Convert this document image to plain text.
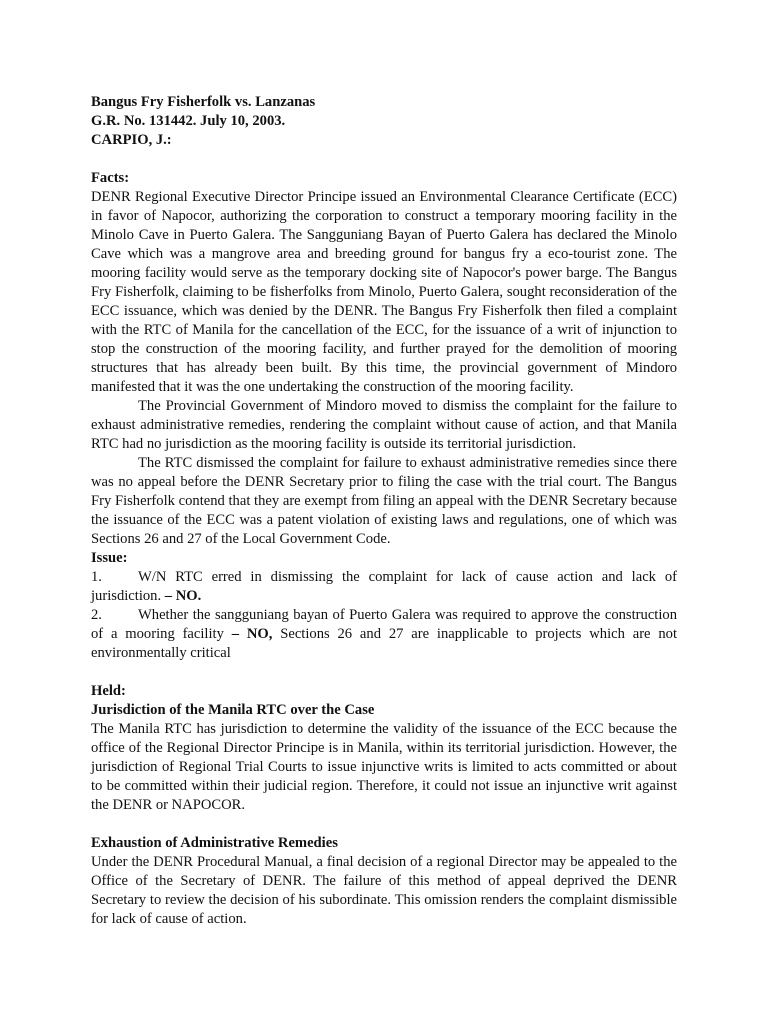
Bangus Fry Fisherfolk vs. Lanzanas
G.R. No. 131442. July 10, 2003.
CARPIO, J.:
Facts:

DENR Regional Executive Director Principe issued an Environmental Clearance Certificate (ECC) in favor of Napocor, authorizing the corporation to construct a temporary mooring facility in the Minolo Cave in Puerto Galera. The Sangguniang Bayan of Puerto Galera has declared the Minolo Cave which was a mangrove area and breeding ground for bangus fry a eco-tourist zone. The mooring facility would serve as the temporary docking site of Napocor's power barge. The Bangus Fry Fisherfolk, claiming to be fisherfolks from Minolo, Puerto Galera, sought reconsideration of the ECC issuance, which was denied by the DENR. The Bangus Fry Fisherfolk then filed a complaint with the RTC of Manila for the cancellation of the ECC, for the issuance of a writ of injunction to stop the construction of the mooring facility, and further prayed for the demolition of mooring structures that has already been built. By this time, the provincial government of Mindoro manifested that it was the one undertaking the construction of the mooring facility.

The Provincial Government of Mindoro moved to dismiss the complaint for the failure to exhaust administrative remedies, rendering the complaint without cause of action, and that Manila RTC had no jurisdiction as the mooring facility is outside its territorial jurisdiction.

The RTC dismissed the complaint for failure to exhaust administrative remedies since there was no appeal before the DENR Secretary prior to filing the case with the trial court. The Bangus Fry Fisherfolk contend that they are exempt from filing an appeal with the DENR Secretary because the issuance of the ECC was a patent violation of existing laws and regulations, one of which was Sections 26 and 27 of the Local Government Code.

Issue:
1. W/N RTC erred in dismissing the complaint for lack of cause action and lack of jurisdiction. – NO.
2. Whether the sangguniang bayan of Puerto Galera was required to approve the construction of a mooring facility – NO, Sections 26 and 27 are inapplicable to projects which are not environmentally critical
Held:
Jurisdiction of the Manila RTC over the Case

The Manila RTC has jurisdiction to determine the validity of the issuance of the ECC because the office of the Regional Director Principe is in Manila, within its territorial jurisdiction. However, the jurisdiction of Regional Trial Courts to issue injunctive writs is limited to acts committed or about to be committed within their judicial region. Therefore, it could not issue an injunctive writ against the DENR or NAPOCOR.

Exhaustion of Administrative Remedies

Under the DENR Procedural Manual, a final decision of a regional Director may be appealed to the Office of the Secretary of DENR. The failure of this method of appeal deprived the DENR Secretary to review the decision of his subordinate. This omission renders the complaint dismissible for lack of cause of action.
